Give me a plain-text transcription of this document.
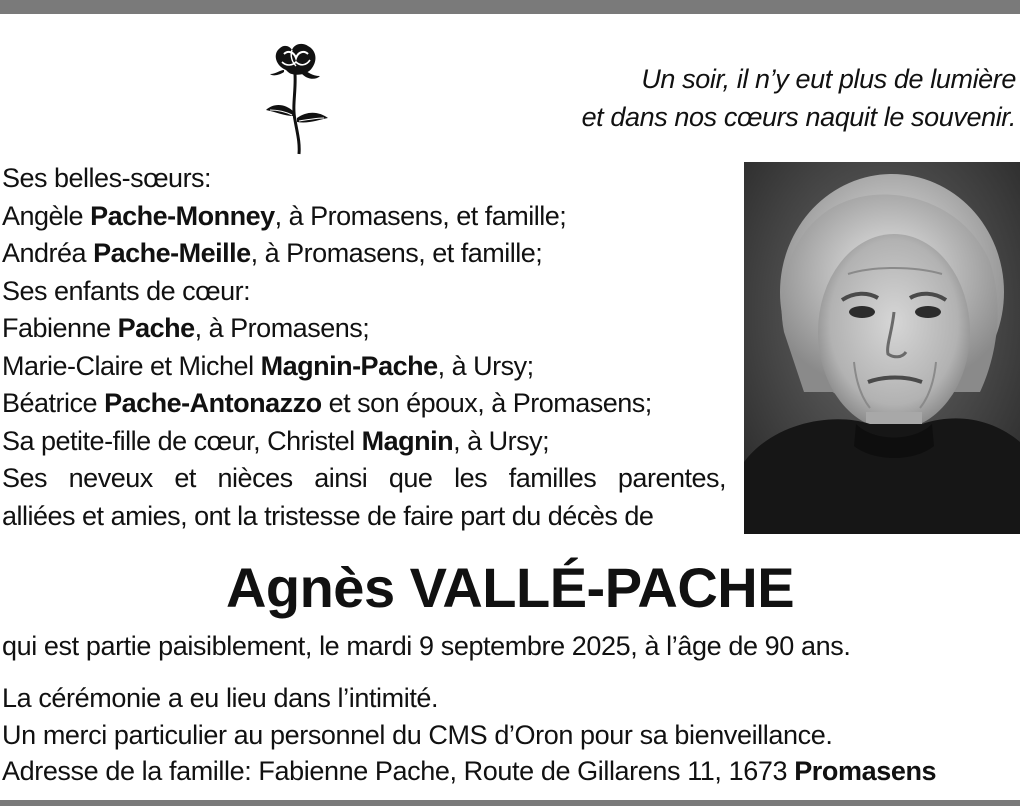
Un soir, il n’y eut plus de lumière
et dans nos cœurs naquit le souvenir.
Ses belles-sœurs:
Angèle Pache-Monney, à Promasens, et famille;
Andréa Pache-Meille, à Promasens, et famille;
Ses enfants de cœur:
Fabienne Pache, à Promasens;
Marie-Claire et Michel Magnin-Pache, à Ursy;
Béatrice Pache-Antonazzo et son époux, à Promasens;
Sa petite-fille de cœur, Christel Magnin, à Ursy;
Ses neveux et nièces ainsi que les familles parentes,
alliées et amies, ont la tristesse de faire part du décès de
Agnès VALLÉ-PACHE
qui est partie paisiblement, le mardi 9 septembre 2025, à l’âge de 90 ans.
La cérémonie a eu lieu dans l’intimité.
Un merci particulier au personnel du CMS d’Oron pour sa bienveillance.
Adresse de la famille: Fabienne Pache, Route de Gillarens 11, 1673 Promasens
